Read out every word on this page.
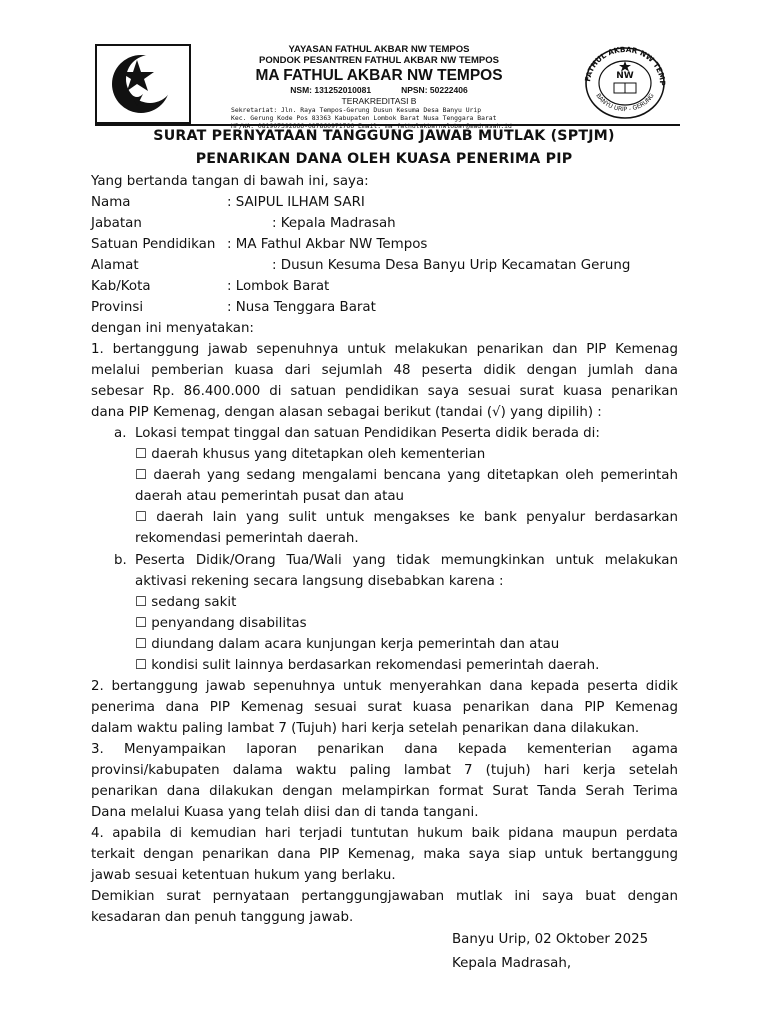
YAYASAN FATHUL AKBAR NW TEMPOS
PONDOK PESANTREN FATHUL AKBAR NW TEMPOS
MA FATHUL AKBAR NW TEMPOS
NSM: 131252010081	NPSN: 50222406
TERAKREDITASI B
Sekretariat: Jln. Raya Tempos-Gerung Dusun Kesuma Desa Banyu Urip
Kec. Gerung Kode Pos 83363 Kabupaten Lombok Barat Nusa Tenggara Barat
HP/WA: 081907392666-087860971766 Email: ma_fathulakbarnwlobar@madrasah.id
FATHUL AKBAR NW TEMP
BANYU URIP - GERUNG
NW
SURAT PERNYATAAN TANGGUNG JAWAB MUTLAK (SPTJM)
PENARIKAN DANA OLEH KUASA PENERIMA PIP
Yang bertanda tangan di bawah ini, saya:
Nama	: SAIPUL ILHAM SARI
Jabatan	: Kepala Madrasah
Satuan Pendidikan : MA Fathul Akbar NW Tempos
Alamat	: Dusun Kesuma Desa Banyu Urip Kecamatan Gerung
Kab/Kota	: Lombok Barat
Provinsi	: Nusa Tenggara Barat
dengan ini menyatakan:
1. bertanggung jawab sepenuhnya untuk melakukan penarikan dan PIP Kemenag
melalui pemberian kuasa dari sejumlah 48 peserta didik dengan jumlah dana
sebesar Rp. 86.400.000 di satuan pendidikan saya sesuai surat kuasa penarikan
dana PIP Kemenag, dengan alasan sebagai berikut (tandai (√) yang dipilih) :
a. Lokasi tempat tinggal dan satuan Pendidikan Peserta didik berada di:
☐ daerah khusus yang ditetapkan oleh kementerian
☐ daerah yang sedang mengalami bencana yang ditetapkan oleh pemerintah
daerah atau pemerintah pusat dan atau
☐ daerah lain yang sulit untuk mengakses ke bank penyalur berdasarkan
rekomendasi pemerintah daerah.
b. Peserta Didik/Orang Tua/Wali yang tidak memungkinkan untuk melakukan
aktivasi rekening secara langsung disebabkan karena :
☐ sedang sakit
☐ penyandang disabilitas
☐ diundang dalam acara kunjungan kerja pemerintah dan atau
☐ kondisi sulit lainnya berdasarkan rekomendasi pemerintah daerah.
2. bertanggung jawab sepenuhnya untuk menyerahkan dana kepada peserta didik
penerima dana PIP Kemenag sesuai surat kuasa penarikan dana PIP Kemenag
dalam waktu paling lambat 7 (Tujuh) hari kerja setelah penarikan dana dilakukan.
3. Menyampaikan laporan penarikan dana kepada kementerian agama
provinsi/kabupaten dalama waktu paling lambat 7 (tujuh) hari kerja setelah
penarikan dana dilakukan dengan melampirkan format Surat Tanda Serah Terima
Dana melalui Kuasa yang telah diisi dan di tanda tangani.
4. apabila di kemudian hari terjadi tuntutan hukum baik pidana maupun perdata
terkait dengan penarikan dana PIP Kemenag, maka saya siap untuk bertanggung
jawab sesuai ketentuan hukum yang berlaku.
Demikian surat pernyataan pertanggungjawaban mutlak ini saya buat dengan
kesadaran dan penuh tanggung jawab.
Banyu Urip, 02 Oktober 2025
Kepala Madrasah,
